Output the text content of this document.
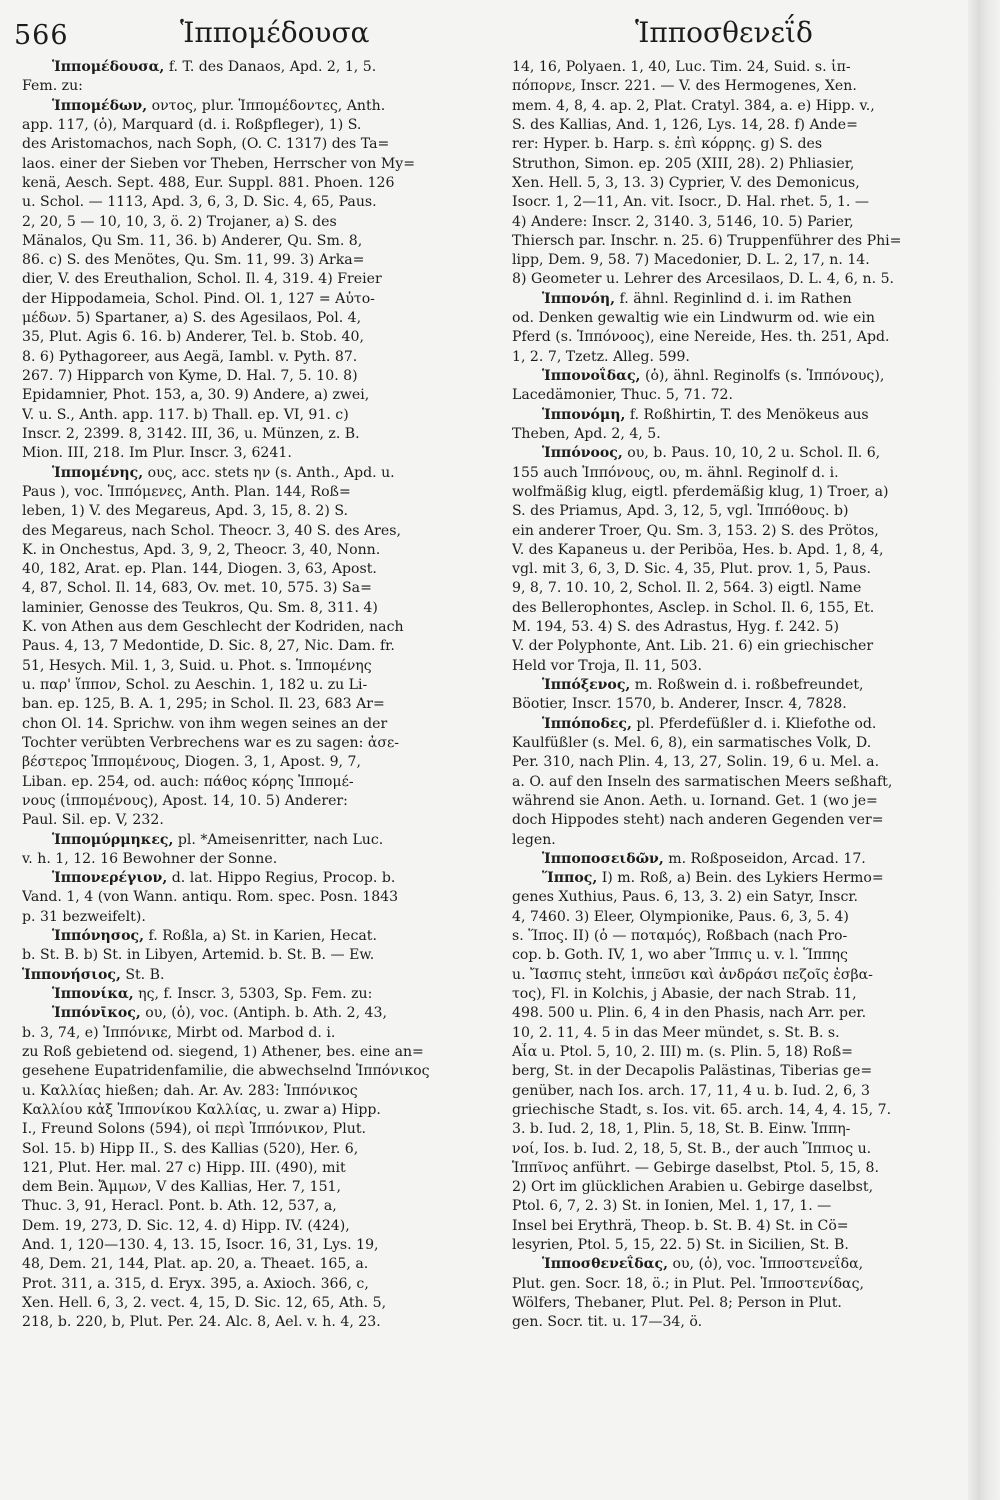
566	Ἱππομέδουσα	Ἱπποσθενεΐδ
Ἱππομέδουσα, f. T. des Danaos, Apd. 2, 1, 5.
Fem. zu:
Ἱππομέδων, οντος, plur. Ἱππομέδοντες, Anth.
app. 117, (ὁ), Marquard (d. i. Roßpfleger), 1) S.
des Aristomachos, nach Soph, (O. C. 1317) des Ta=
laos. einer der Sieben vor Theben, Herrscher von My=
kenä, Aesch. Sept. 488, Eur. Suppl. 881. Phoen. 126
u. Schol. — 1113, Apd. 3, 6, 3, D. Sic. 4, 65, Paus.
2, 20, 5 — 10, 10, 3, ö. 2) Trojaner, a) S. des
Mänalos, Qu Sm. 11, 36. b) Anderer, Qu. Sm. 8,
86. c) S. des Menötes, Qu. Sm. 11, 99. 3) Arka=
dier, V. des Ereuthalion, Schol. Il. 4, 319. 4) Freier
der Hippodameia, Schol. Pind. Ol. 1, 127 = Αὐτο-
μέδων. 5) Spartaner, a) S. des Agesilaos, Pol. 4,
35, Plut. Agis 6. 16. b) Anderer, Tel. b. Stob. 40,
8. 6) Pythagoreer, aus Aegä, Iambl. v. Pyth. 87.
267. 7) Hipparch von Kyme, D. Hal. 7, 5. 10. 8)
Epidamnier, Phot. 153, a, 30. 9) Andere, a) zwei,
V. u. S., Anth. app. 117. b) Thall. ep. VI, 91. c)
Inscr. 2, 2399. 8, 3142. III, 36, u. Münzen, z. B.
Mion. III, 218. Im Plur. Inscr. 3, 6241.
Ἱππομένης, ους, acc. stets ην (s. Anth., Apd. u.
Paus ), voc. Ἱππόμενες, Anth. Plan. 144, Roß=
leben, 1) V. des Megareus, Apd. 3, 15, 8. 2) S.
des Megareus, nach Schol. Theocr. 3, 40 S. des Ares,
K. in Onchestus, Apd. 3, 9, 2, Theocr. 3, 40, Nonn.
40, 182, Arat. ep. Plan. 144, Diogen. 3, 63, Apost.
4, 87, Schol. Il. 14, 683, Ov. met. 10, 575. 3) Sa=
laminier, Genosse des Teukros, Qu. Sm. 8, 311. 4)
K. von Athen aus dem Geschlecht der Kodriden, nach
Paus. 4, 13, 7 Medontide, D. Sic. 8, 27, Nic. Dam. fr.
51, Hesych. Mil. 1, 3, Suid. u. Phot. s. Ἱππομένης
u. παρ' ἵππον, Schol. zu Aeschin. 1, 182 u. zu Li-
ban. ep. 125, B. A. 1, 295; in Schol. Il. 23, 683 Ar=
chon Ol. 14. Sprichw. von ihm wegen seines an der
Tochter verübten Verbrechens war es zu sagen: ἀσε-
βέστερος Ἱππομένους, Diogen. 3, 1, Apost. 9, 7,
Liban. ep. 254, od. auch: πάθος κόρης Ἱππομέ-
νους (ἱππομένους), Apost. 14, 10. 5) Anderer:
Paul. Sil. ep. V, 232.
Ἱππομύρμηκες, pl. *Ameisenritter, nach Luc.
v. h. 1, 12. 16 Bewohner der Sonne.
Ἱππονερέγιον, d. lat. Hippo Regius, Procop. b.
Vand. 1, 4 (von Wann. antiqu. Rom. spec. Posn. 1843
p. 31 bezweifelt).
Ἱππόνησος, f. Roßla, a) St. in Karien, Hecat.
b. St. B. b) St. in Libyen, Artemid. b. St. B. — Ew.
Ἱππονήσιος, St. B.
Ἱππονίκα, ης, f. Inscr. 3, 5303, Sp. Fem. zu:
Ἱππόνῑκος, ου, (ὁ), voc. (Antiph. b. Ath. 2, 43,
b. 3, 74, e) Ἱππόνικε, Mirbt od. Marbod d. i.
zu Roß gebietend od. siegend, 1) Athener, bes. eine an=
gesehene Eupatridenfamilie, die abwechselnd Ἱππόνικος
u. Καλλίας hießen; dah. Ar. Av. 283: Ἱππόνικος
Καλλίου κἀξ Ἱππονίκου Καλλίας, u. zwar a) Hipp.
I., Freund Solons (594), οἱ περὶ Ἱππόνικον, Plut.
Sol. 15. b) Hipp II., S. des Kallias (520), Her. 6,
121, Plut. Her. mal. 27 c) Hipp. III. (490), mit
dem Bein. Ἄμμων, V des Kallias, Her. 7, 151,
Thuc. 3, 91, Heracl. Pont. b. Ath. 12, 537, a,
Dem. 19, 273, D. Sic. 12, 4. d) Hipp. IV. (424),
And. 1, 120—130. 4, 13. 15, Isocr. 16, 31, Lys. 19,
48, Dem. 21, 144, Plat. ap. 20, a. Theaet. 165, a.
Prot. 311, a. 315, d. Eryx. 395, a. Axioch. 366, c,
Xen. Hell. 6, 3, 2. vect. 4, 15, D. Sic. 12, 65, Ath. 5,
218, b. 220, b, Plut. Per. 24. Alc. 8, Ael. v. h. 4, 23.
14, 16, Polyaen. 1, 40, Luc. Tim. 24, Suid. s. ἱπ-
πόπορνε, Inscr. 221. — V. des Hermogenes, Xen.
mem. 4, 8, 4. ap. 2, Plat. Cratyl. 384, a. e) Hipp. v.,
S. des Kallias, And. 1, 126, Lys. 14, 28. f) Ande=
rer: Hyper. b. Harp. s. ἐπὶ κόρρης. g) S. des
Struthon, Simon. ep. 205 (XIII, 28). 2) Phliasier,
Xen. Hell. 5, 3, 13. 3) Cyprier, V. des Demonicus,
Isocr. 1, 2—11, An. vit. Isocr., D. Hal. rhet. 5, 1. —
4) Andere: Inscr. 2, 3140. 3, 5146, 10. 5) Parier,
Thiersch par. Inschr. n. 25. 6) Truppenführer des Phi=
lipp, Dem. 9, 58. 7) Macedonier, D. L. 2, 17, n. 14.
8) Geometer u. Lehrer des Arcesilaos, D. L. 4, 6, n. 5.
Ἱππονόη, f. ähnl. Reginlind d. i. im Rathen
od. Denken gewaltig wie ein Lindwurm od. wie ein
Pferd (s. Ἱππόνοος), eine Nereide, Hes. th. 251, Apd.
1, 2. 7, Tzetz. Alleg. 599.
Ἱππονοΐδας, (ὁ), ähnl. Reginolfs (s. Ἱππόνους),
Lacedämonier, Thuc. 5, 71. 72.
Ἱππονόμη, f. Roßhirtin, T. des Menökeus aus
Theben, Apd. 2, 4, 5.
Ἱππόνοος, ου, b. Paus. 10, 10, 2 u. Schol. Il. 6,
155 auch Ἱππόνους, ου, m. ähnl. Reginolf d. i.
wolfmäßig klug, eigtl. pferdemäßig klug, 1) Troer, a)
S. des Priamus, Apd. 3, 12, 5, vgl. Ἱππόθους. b)
ein anderer Troer, Qu. Sm. 3, 153. 2) S. des Prötos,
V. des Kapaneus u. der Periböa, Hes. b. Apd. 1, 8, 4,
vgl. mit 3, 6, 3, D. Sic. 4, 35, Plut. prov. 1, 5, Paus.
9, 8, 7. 10. 10, 2, Schol. Il. 2, 564. 3) eigtl. Name
des Bellerophontes, Asclep. in Schol. Il. 6, 155, Et.
M. 194, 53. 4) S. des Adrastus, Hyg. f. 242. 5)
V. der Polyphonte, Ant. Lib. 21. 6) ein griechischer
Held vor Troja, Il. 11, 503.
Ἱππόξενος, m. Roßwein d. i. roßbefreundet,
Böotier, Inscr. 1570, b. Anderer, Inscr. 4, 7828.
Ἱππόποδες, pl. Pferdefüßler d. i. Kliefothe od.
Kaulfüßler (s. Mel. 6, 8), ein sarmatisches Volk, D.
Per. 310, nach Plin. 4, 13, 27, Solin. 19, 6 u. Mel. a.
a. O. auf den Inseln des sarmatischen Meers seßhaft,
während sie Anon. Aeth. u. Iornand. Get. 1 (wo je=
doch Hippodes steht) nach anderen Gegenden ver=
legen.
Ἱπποποσειδῶν, m. Roßposeidon, Arcad. 17.
Ἵππος, I) m. Roß, a) Bein. des Lykiers Hermo=
genes Xuthius, Paus. 6, 13, 3. 2) ein Satyr, Inscr.
4, 7460. 3) Eleer, Olympionike, Paus. 6, 3, 5. 4)
s. Ἵπος. II) (ὁ — ποταμός), Roßbach (nach Pro-
cop. b. Goth. IV, 1, wo aber Ἵππις u. v. l. Ἵππης
u. Ἴασπις steht, ἱππεῦσι καὶ ἀνδράσι πεζοῖς ἐσβα-
τος), Fl. in Kolchis, j Abasie, der nach Strab. 11,
498. 500 u. Plin. 6, 4 in den Phasis, nach Arr. per.
10, 2. 11, 4. 5 in das Meer mündet, s. St. B. s.
Αἶα u. Ptol. 5, 10, 2. III) m. (s. Plin. 5, 18) Roß=
berg, St. in der Decapolis Palästinas, Tiberias ge=
genüber, nach Ios. arch. 17, 11, 4 u. b. Iud. 2, 6, 3
griechische Stadt, s. Ios. vit. 65. arch. 14, 4, 4. 15, 7.
3. b. Iud. 2, 18, 1, Plin. 5, 18, St. B. Einw. Ἱππη-
νοί, Ios. b. Iud. 2, 18, 5, St. B., der auch Ἵππιος u.
Ἱππῖνος anführt. — Gebirge daselbst, Ptol. 5, 15, 8.
2) Ort im glücklichen Arabien u. Gebirge daselbst,
Ptol. 6, 7, 2. 3) St. in Ionien, Mel. 1, 17, 1. —
Insel bei Erythrä, Theop. b. St. B. 4) St. in Cö=
lesyrien, Ptol. 5, 15, 22. 5) St. in Sicilien, St. B.
Ἱπποσθενεΐδας, ου, (ὁ), voc. Ἱπποστενεΐδα,
Plut. gen. Socr. 18, ö.; in Plut. Pel. Ἱπποστενίδας,
Wölfers, Thebaner, Plut. Pel. 8; Person in Plut.
gen. Socr. tit. u. 17—34, ö.
